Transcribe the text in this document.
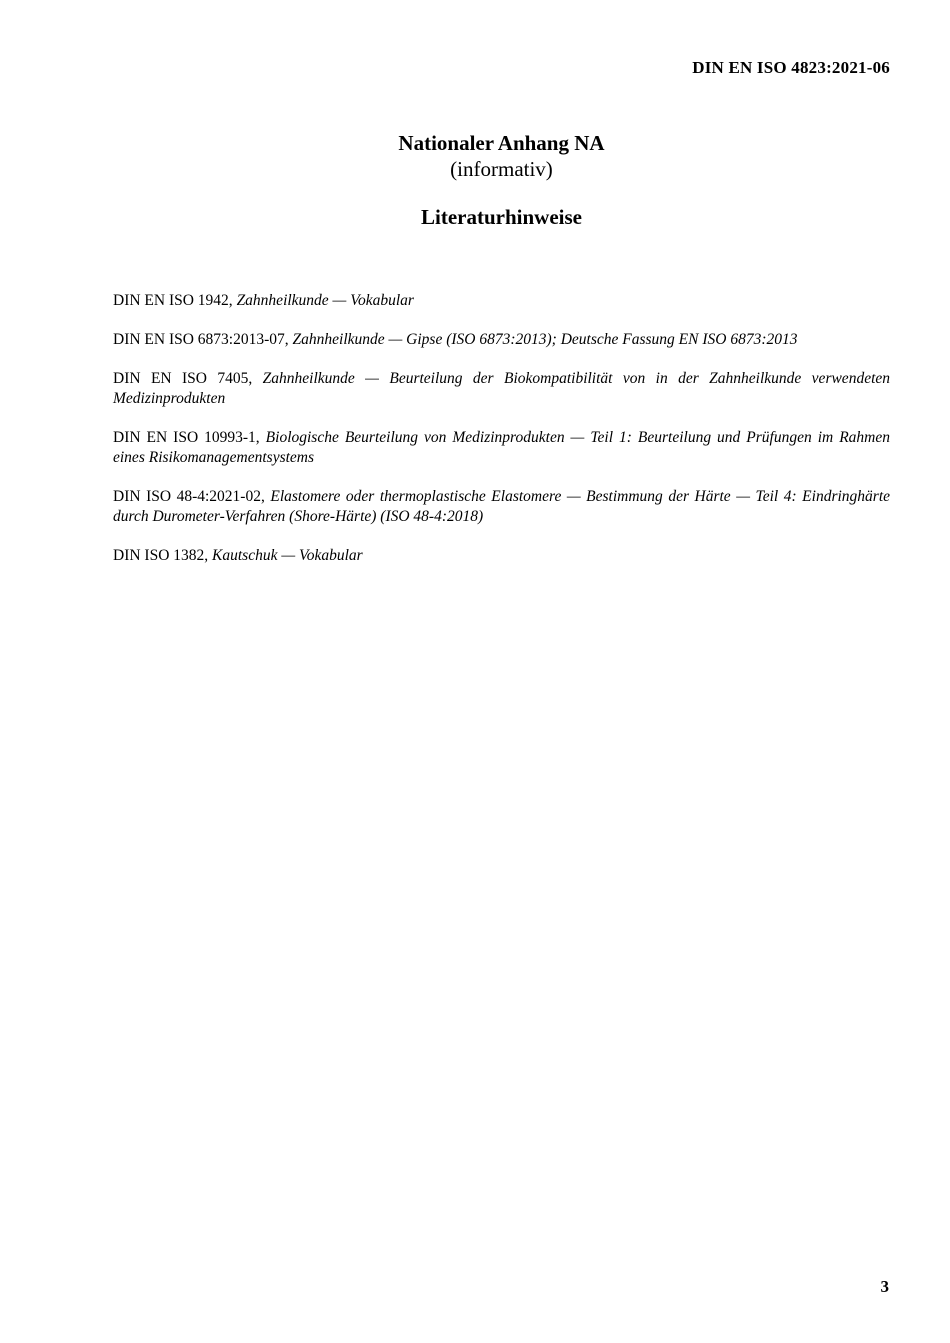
DIN EN ISO 4823:2021-06
Nationaler Anhang NA
(informativ)
Literaturhinweise
DIN EN ISO 1942, Zahnheilkunde — Vokabular
DIN EN ISO 6873:2013-07, Zahnheilkunde — Gipse (ISO 6873:2013); Deutsche Fassung EN ISO 6873:2013
DIN EN ISO 7405, Zahnheilkunde — Beurteilung der Biokompatibilität von in der Zahnheilkunde verwendeten Medizinprodukten
DIN EN ISO 10993-1, Biologische Beurteilung von Medizinprodukten — Teil 1: Beurteilung und Prüfungen im Rahmen eines Risikomanagementsystems
DIN ISO 48-4:2021-02, Elastomere oder thermoplastische Elastomere — Bestimmung der Härte — Teil 4: Eindringhärte durch Durometer-Verfahren (Shore-Härte) (ISO 48-4:2018)
DIN ISO 1382, Kautschuk — Vokabular
3
